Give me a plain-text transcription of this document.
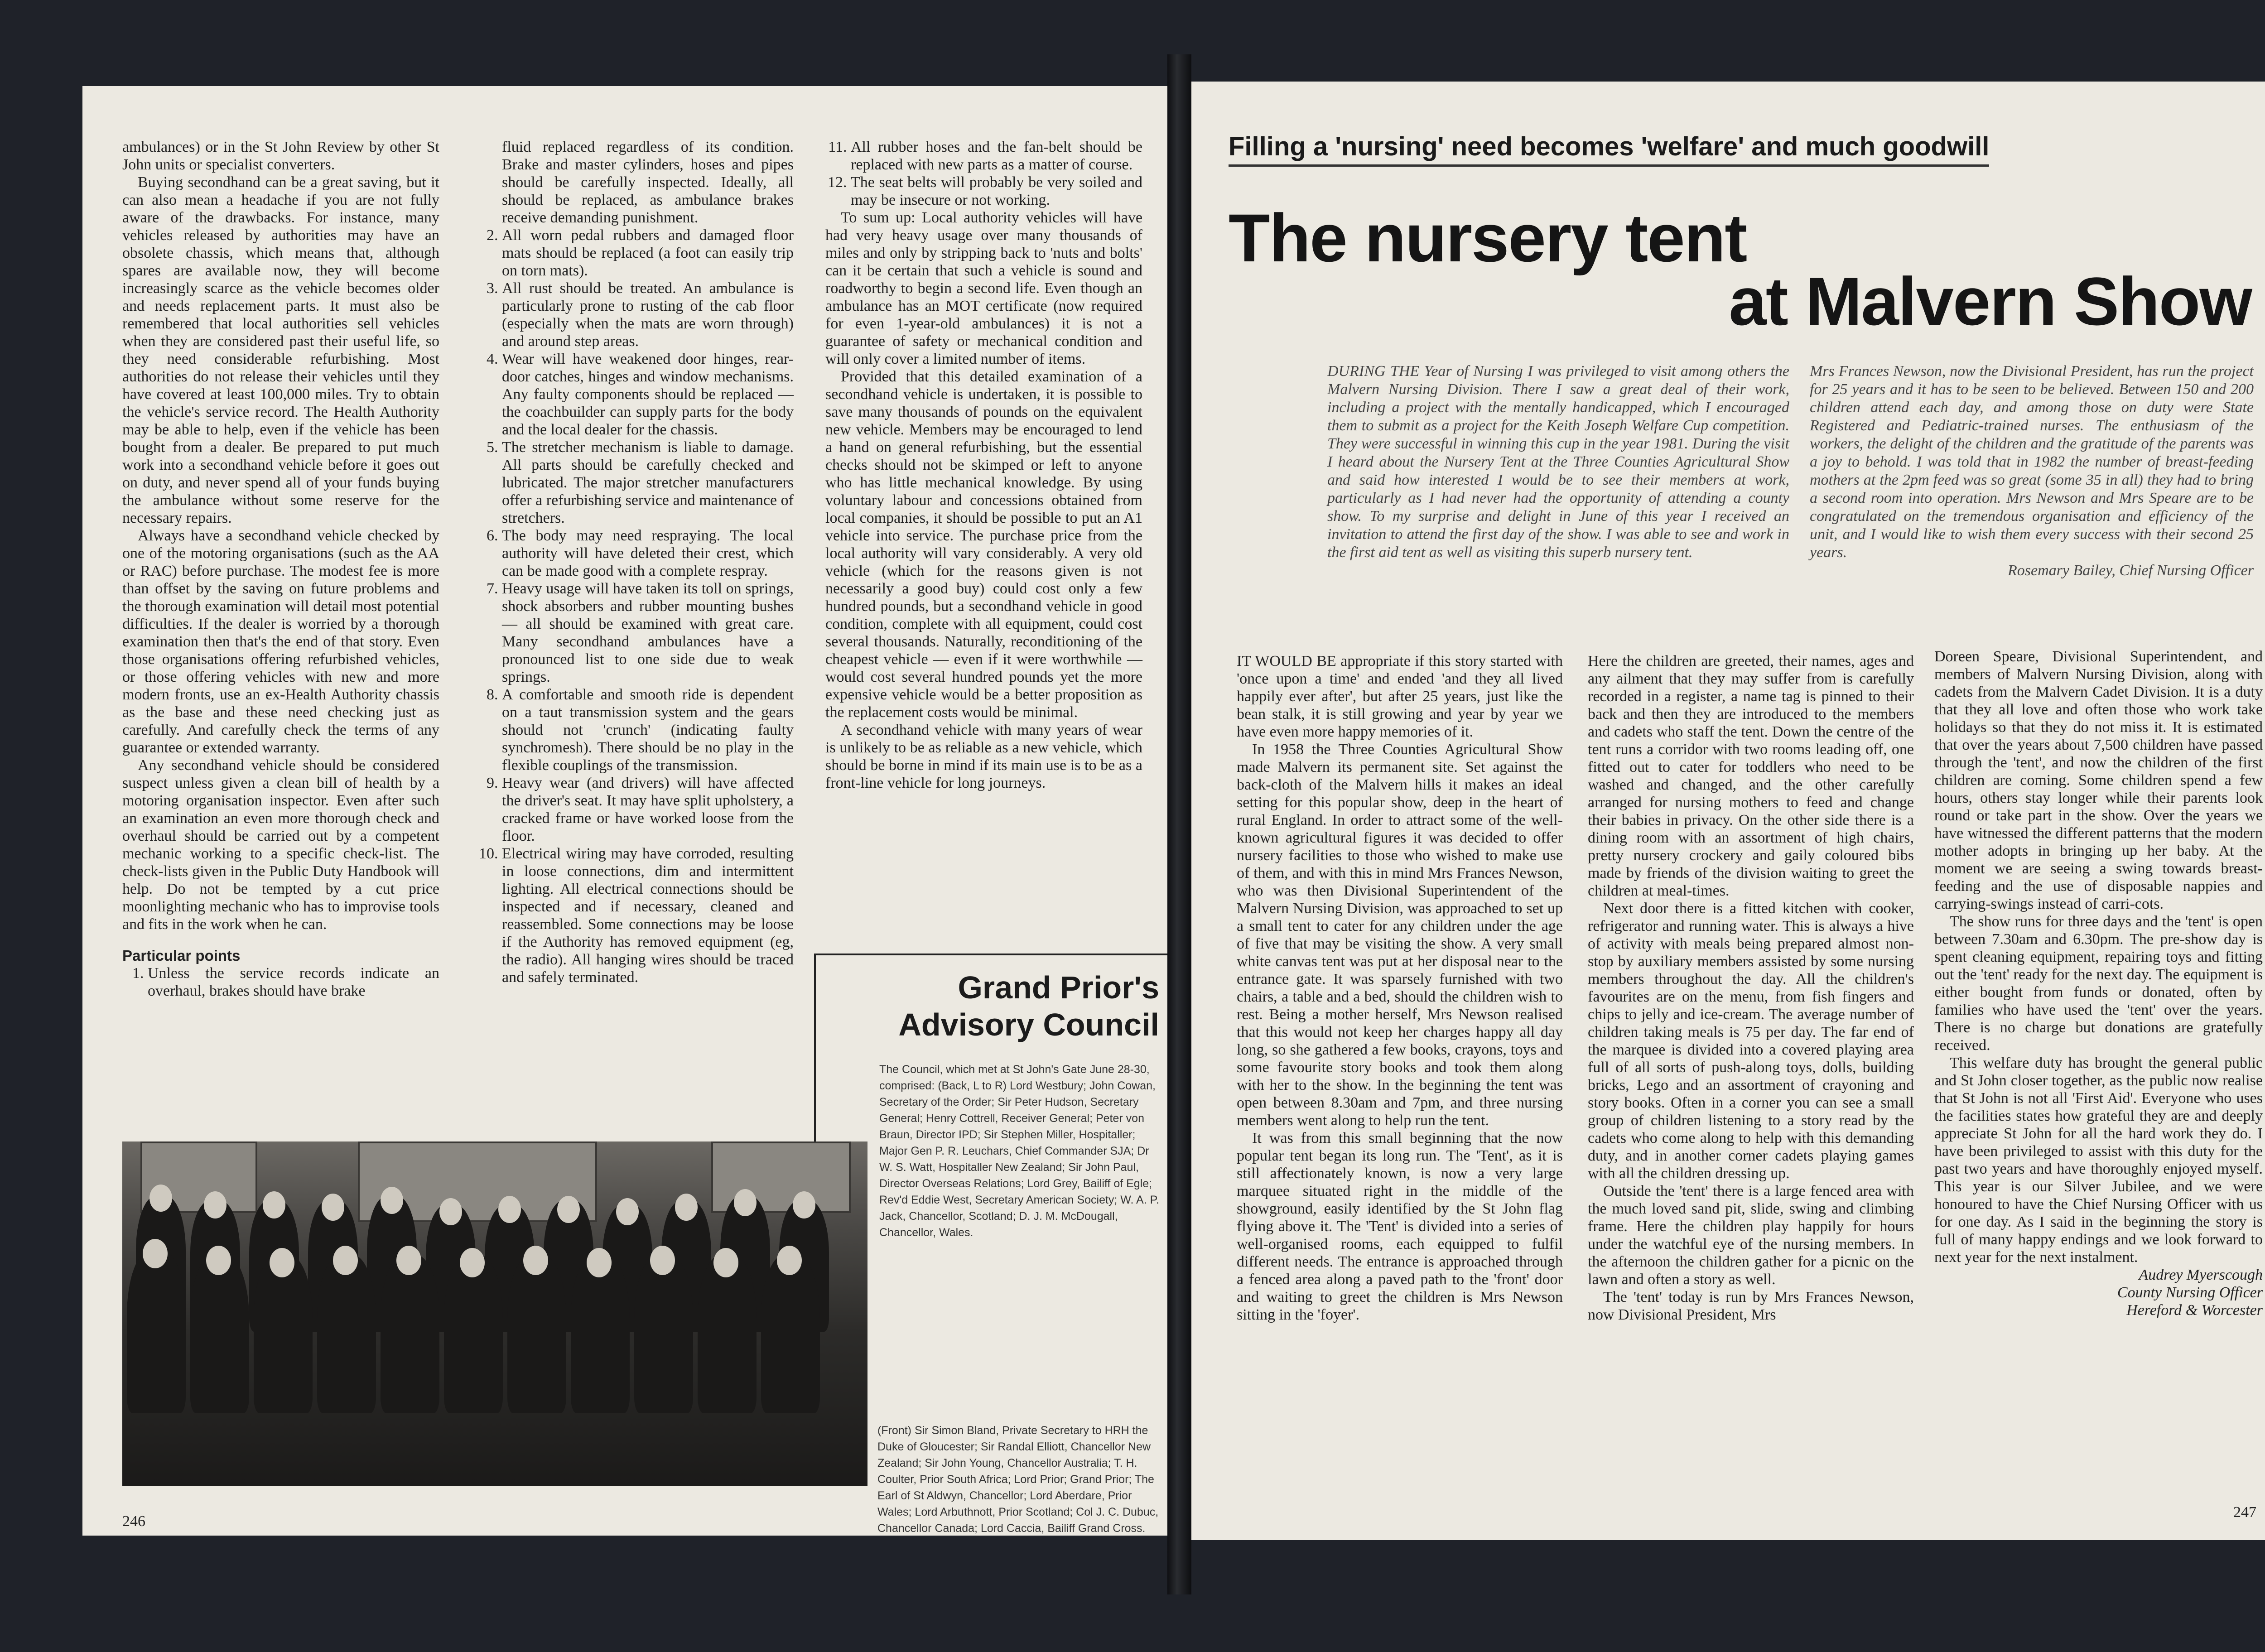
ambulances) or in the St John Review by other St John units or specialist converters.

Buying secondhand can be a great saving, but it can also mean a headache if you are not fully aware of the drawbacks. For instance, many vehicles released by authorities may have an obsolete chassis, which means that, although spares are available now, they will become increasingly scarce as the vehicle becomes older and needs replacement parts. It must also be remembered that local authorities sell vehicles when they are considered past their useful life, so they need considerable refurbishing. Most authorities do not release their vehicles until they have covered at least 100,000 miles. Try to obtain the vehicle's service record. The Health Authority may be able to help, even if the vehicle has been bought from a dealer. Be prepared to put much work into a secondhand vehicle before it goes out on duty, and never spend all of your funds buying the ambulance without some reserve for the necessary repairs.

Always have a secondhand vehicle checked by one of the motoring organisations (such as the AA or RAC) before purchase. The modest fee is more than offset by the saving on future problems and the thorough examination will detail most potential difficulties. If the dealer is worried by a thorough examination then that's the end of that story. Even those organisations offering refurbished vehicles, or those offering vehicles with new and more modern fronts, use an ex-Health Authority chassis as the base and these need checking just as carefully. And carefully check the terms of any guarantee or extended warranty.

Any secondhand vehicle should be considered suspect unless given a clean bill of health by a motoring organisation inspector. Even after such an examination an even more thorough check and overhaul should be carried out by a competent mechanic working to a specific check-list. The check-lists given in the Public Duty Handbook will help. Do not be tempted by a cut price moonlighting mechanic who has to improvise tools and fits in the work when he can.

Particular points
1. Unless the service records indicate an overhaul, brakes should have brake

fluid replaced regardless of its condition. Brake and master cylinders, hoses and pipes should be carefully inspected. Ideally, all should be replaced, as ambulance brakes receive demanding punishment.

2. All worn pedal rubbers and damaged floor mats should be replaced (a foot can easily trip on torn mats).
3. All rust should be treated. An ambulance is particularly prone to rusting of the cab floor (especially when the mats are worn through) and around step areas.
4. Wear will have weakened door hinges, rear-door catches, hinges and window mechanisms. Any faulty components should be replaced — the coachbuilder can supply parts for the body and the local dealer for the chassis.
5. The stretcher mechanism is liable to damage. All parts should be carefully checked and lubricated. The major stretcher manufacturers offer a refurbishing service and maintenance of stretchers.
6. The body may need respraying. The local authority will have deleted their crest, which can be made good with a complete respray.
7. Heavy usage will have taken its toll on springs, shock absorbers and rubber mounting bushes — all should be examined with great care. Many secondhand ambulances have a pronounced list to one side due to weak springs.
8. A comfortable and smooth ride is dependent on a taut transmission system and the gears should not 'crunch' (indicating faulty synchromesh). There should be no play in the flexible couplings of the transmission.
9. Heavy wear (and drivers) will have affected the driver's seat. It may have split upholstery, a cracked frame or have worked loose from the floor.
10. Electrical wiring may have corroded, resulting in loose connections, dim and intermittent lighting. All electrical connections should be inspected and if necessary, cleaned and reassembled. Some connections may be loose if the Authority has removed equipment (eg, the radio). All hanging wires should be traced and safely terminated.
11. All rubber hoses and the fan-belt should be replaced with new parts as a matter of course.
12. The seat belts will probably be very soiled and may be insecure or not working.

To sum up: Local authority vehicles will have had very heavy usage over many thousands of miles and only by stripping back to 'nuts and bolts' can it be certain that such a vehicle is sound and roadworthy to begin a second life. Even though an ambulance has an MOT certificate (now required for even 1-year-old ambulances) it is not a guarantee of safety or mechanical condition and will only cover a limited number of items.

Provided that this detailed examination of a secondhand vehicle is undertaken, it is possible to save many thousands of pounds on the equivalent new vehicle. Members may be encouraged to lend a hand on general refurbishing, but the essential checks should not be skimped or left to anyone who has little mechanical knowledge. By using voluntary labour and concessions obtained from local companies, it should be possible to put an A1 vehicle into service. The purchase price from the local authority will vary considerably. A very old vehicle (which for the reasons given is not necessarily a good buy) could cost only a few hundred pounds, but a secondhand vehicle in good condition, complete with all equipment, could cost several thousands. Naturally, reconditioning of the cheapest vehicle — even if it were worthwhile — would cost several hundred pounds yet the more expensive vehicle would be a better proposition as the replacement costs would be minimal.

A secondhand vehicle with many years of wear is unlikely to be as reliable as a new vehicle, which should be borne in mind if its main use is to be as a front-line vehicle for long journeys.

Grand Prior's Advisory Council
The Council, which met at St John's Gate June 28-30, comprised: (Back, L to R) Lord Westbury; John Cowan, Secretary of the Order; Sir Peter Hudson, Secretary General; Henry Cottrell, Receiver General; Peter von Braun, Director IPD; Sir Stephen Miller, Hospitaller; Major Gen P. R. Leuchars, Chief Commander SJA; Dr W. S. Watt, Hospitaller New Zealand; Sir John Paul, Director Overseas Relations; Lord Grey, Bailiff of Egle; Rev'd Eddie West, Secretary American Society; W. A. P. Jack, Chancellor, Scotland; D. J. M. McDougall, Chancellor, Wales.
(Front) Sir Simon Bland, Private Secretary to HRH the Duke of Gloucester; Sir Randal Elliott, Chancellor New Zealand; Sir John Young, Chancellor Australia; T. H. Coulter, Prior South Africa; Lord Prior; Grand Prior; The Earl of St Aldwyn, Chancellor; Lord Aberdare, Prior Wales; Lord Arbuthnott, Prior Scotland; Col J. C. Dubuc, Chancellor Canada; Lord Caccia, Bailiff Grand Cross.
246
Filling a 'nursing' need becomes 'welfare' and much goodwill
The nursery tent
at Malvern Show

DURING THE Year of Nursing I was privileged to visit among others the Malvern Nursing Division. There I saw a great deal of their work, including a project with the mentally handicapped, which I encouraged them to submit as a project for the Keith Joseph Welfare Cup competition. They were successful in winning this cup in the year 1981. During the visit I heard about the Nursery Tent at the Three Counties Agricultural Show and said how interested I would be to see their members at work, particularly as I had never had the opportunity of attending a county show. To my surprise and delight in June of this year I received an invitation to attend the first day of the show. I was able to see and work in the first aid tent as well as visiting this superb nursery tent.

Mrs Frances Newson, now the Divisional President, has run the project for 25 years and it has to be seen to be believed. Between 150 and 200 children attend each day, and among those on duty were State Registered and Pediatric-trained nurses. The enthusiasm of the workers, the delight of the children and the gratitude of the parents was a joy to behold. I was told that in 1982 the number of breast-feeding mothers at the 2pm feed was so great (some 35 in all) they had to bring a second room into operation. Mrs Newson and Mrs Speare are to be congratulated on the tremendous organisation and efficiency of the unit, and I would like to wish them every success with their second 25 years.

Rosemary Bailey, Chief Nursing Officer

IT WOULD BE appropriate if this story started with 'once upon a time' and ended 'and they all lived happily ever after', but after 25 years, just like the bean stalk, it is still growing and year by year we have even more happy memories of it.

In 1958 the Three Counties Agricultural Show made Malvern its permanent site. Set against the back-cloth of the Malvern hills it makes an ideal setting for this popular show, deep in the heart of rural England. In order to attract some of the well-known agricultural figures it was decided to offer nursery facilities to those who wished to make use of them, and with this in mind Mrs Frances Newson, who was then Divisional Superintendent of the Malvern Nursing Division, was approached to set up a small tent to cater for any children under the age of five that may be visiting the show. A very small white canvas tent was put at her disposal near to the entrance gate. It was sparsely furnished with two chairs, a table and a bed, should the children wish to rest. Being a mother herself, Mrs Newson realised that this would not keep her charges happy all day long, so she gathered a few books, crayons, toys and some favourite story books and took them along with her to the show. In the beginning the tent was open between 8.30am and 7pm, and three nursing members went along to help run the tent.

It was from this small beginning that the now popular tent began its long run. The 'Tent', as it is still affectionately known, is now a very large marquee situated right in the middle of the showground, easily identified by the St John flag flying above it. The 'Tent' is divided into a series of well-organised rooms, each equipped to fulfil different needs. The entrance is approached through a fenced area along a paved path to the 'front' door and waiting to greet the children is Mrs Newson sitting in the 'foyer'.

Here the children are greeted, their names, ages and any ailment that they may suffer from is carefully recorded in a register, a name tag is pinned to their back and then they are introduced to the members and cadets who staff the tent. Down the centre of the tent runs a corridor with two rooms leading off, one fitted out to cater for toddlers who need to be washed and changed, and the other carefully arranged for nursing mothers to feed and change their babies in privacy. On the other side there is a dining room with an assortment of high chairs, pretty nursery crockery and gaily coloured bibs made by friends of the division waiting to greet the children at meal-times.

Next door there is a fitted kitchen with cooker, refrigerator and running water. This is always a hive of activity with meals being prepared almost non-stop by auxiliary members assisted by some nursing members throughout the day. All the children's favourites are on the menu, from fish fingers and chips to jelly and ice-cream. The average number of children taking meals is 75 per day. The far end of the marquee is divided into a covered playing area full of all sorts of push-along toys, dolls, building bricks, Lego and an assortment of crayoning and story books. Often in a corner you can see a small group of children listening to a story read by the cadets who come along to help with this demanding duty, and in another corner cadets playing games with all the children dressing up.

Outside the 'tent' there is a large fenced area with the much loved sand pit, slide, swing and climbing frame. Here the children play happily for hours under the watchful eye of the nursing members. In the afternoon the children gather for a picnic on the lawn and often a story as well.

The 'tent' today is run by Mrs Frances Newson, now Divisional President, Mrs

Doreen Speare, Divisional Superintendent, and members of Malvern Nursing Division, along with cadets from the Malvern Cadet Division. It is a duty that they all love and often those who work take holidays so that they do not miss it. It is estimated that over the years about 7,500 children have passed through the 'tent', and now the children of the first children are coming. Some children spend a few hours, others stay longer while their parents look round or take part in the show. Over the years we have witnessed the different patterns that the modern mother adopts in bringing up her baby. At the moment we are seeing a swing towards breast-feeding and the use of disposable nappies and carrying-swings instead of carri-cots.

The show runs for three days and the 'tent' is open between 7.30am and 6.30pm. The pre-show day is spent cleaning equipment, repairing toys and fitting out the 'tent' ready for the next day. The equipment is either bought from funds or donated, often by families who have used the 'tent' over the years. There is no charge but donations are gratefully received.

This welfare duty has brought the general public and St John closer together, as the public now realise that St John is not all 'First Aid'. Everyone who uses the facilities states how grateful they are and deeply appreciate St John for all the hard work they do. I have been privileged to assist with this duty for the past two years and have thoroughly enjoyed myself. This year is our Silver Jubilee, and we were honoured to have the Chief Nursing Officer with us for one day. As I said in the beginning the story is full of many happy endings and we look forward to next year for the next instalment.

Audrey Myerscough
County Nursing Officer
Hereford & Worcester
247
